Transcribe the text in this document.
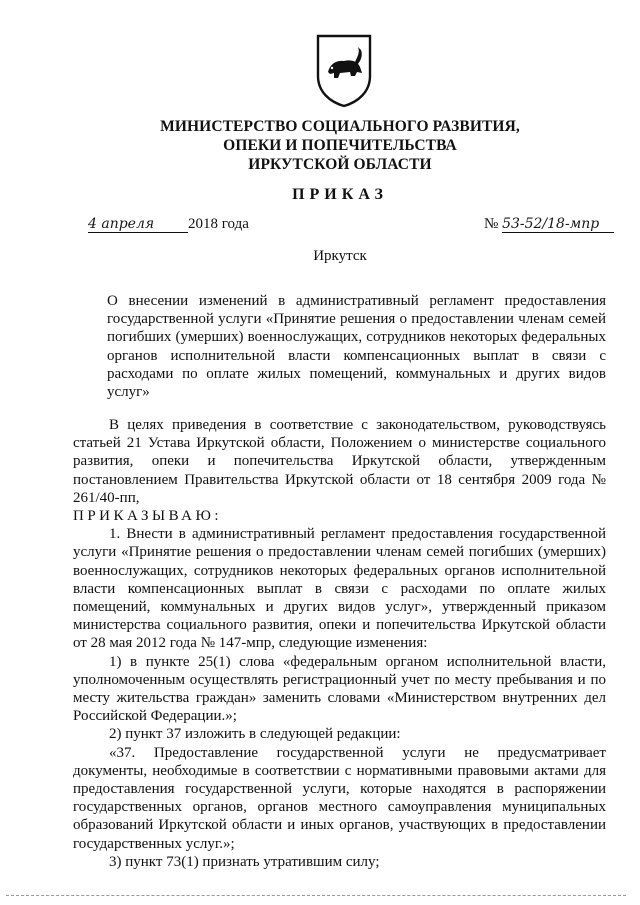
МИНИСТЕРСТВО СОЦИАЛЬНОГО РАЗВИТИЯ,
ОПЕКИ И ПОПЕЧИТЕЛЬСТВА
ИРКУТСКОЙ ОБЛАСТИ
ПРИКАЗ
4 апреля 2018 года	№ 53-52/18-мпр
Иркутск
О внесении изменений в административный регламент предоставления государственной услуги «Принятие решения о предоставлении членам семей погибших (умерших) военнослужащих, сотрудников некоторых федеральных органов исполнительной власти компенсационных выплат в связи с расходами по оплате жилых помещений, коммунальных и других видов услуг»

В целях приведения в соответствие с законодательством, руководствуясь статьей 21 Устава Иркутской области, Положением о министерстве социального развития, опеки и попечительства Иркутской области, утвержденным постановлением Правительства Иркутской области от 18 сентября 2009 года № 261/40-пп,

ПРИКАЗЫВАЮ:

1. Внести в административный регламент предоставления государственной услуги «Принятие решения о предоставлении членам семей погибших (умерших) военнослужащих, сотрудников некоторых федеральных органов исполнительной власти компенсационных выплат в связи с расходами по оплате жилых помещений, коммунальных и других видов услуг», утвержденный приказом министерства социального развития, опеки и попечительства Иркутской области от 28 мая 2012 года № 147-мпр, следующие изменения:

1) в пункте 25(1) слова «федеральным органом исполнительной власти, уполномоченным осуществлять регистрационный учет по месту пребывания и по месту жительства граждан» заменить словами «Министерством внутренних дел Российской Федерации.»;

2) пункт 37 изложить в следующей редакции:

«37. Предоставление государственной услуги не предусматривает документы, необходимые в соответствии с нормативными правовыми актами для предоставления государственной услуги, которые находятся в распоряжении государственных органов, органов местного самоуправления муниципальных образований Иркутской области и иных органов, участвующих в предоставлении государственных услуг.»;

3) пункт 73(1) признать утратившим силу;
